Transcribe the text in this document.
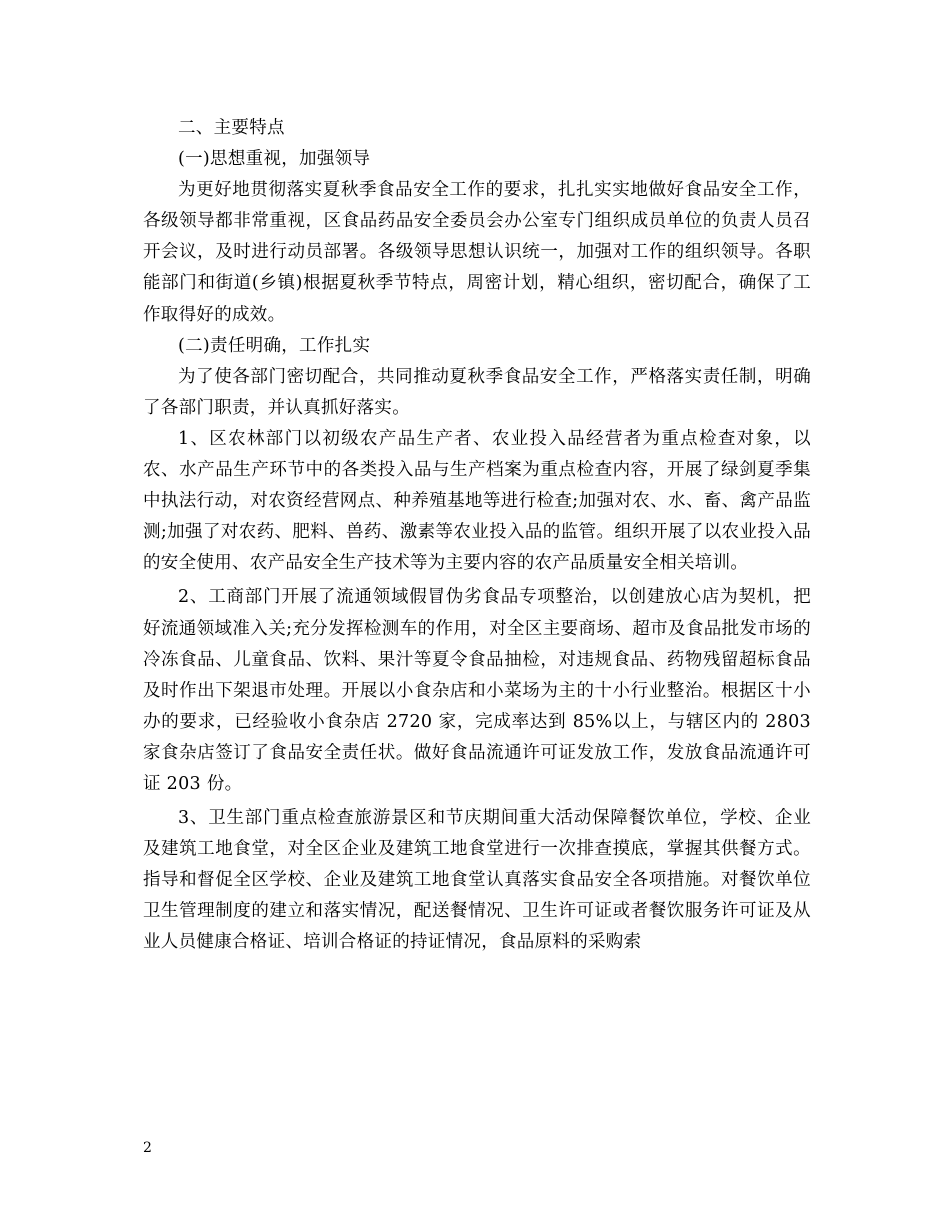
二、主要特点

(一)思想重视，加强领导

为更好地贯彻落实夏秋季食品安全工作的要求，扎扎实实地做好食品安全工作，各级领导都非常重视，区食品药品安全委员会办公室专门组织成员单位的负责人员召开会议，及时进行动员部署。各级领导思想认识统一，加强对工作的组织领导。各职能部门和街道(乡镇)根据夏秋季节特点，周密计划，精心组织，密切配合，确保了工作取得好的成效。

(二)责任明确，工作扎实

为了使各部门密切配合，共同推动夏秋季食品安全工作，严格落实责任制，明确了各部门职责，并认真抓好落实。

1、区农林部门以初级农产品生产者、农业投入品经营者为重点检查对象，以农、水产品生产环节中的各类投入品与生产档案为重点检查内容，开展了绿剑夏季集中执法行动，对农资经营网点、种养殖基地等进行检查;加强对农、水、畜、禽产品监测;加强了对农药、肥料、兽药、激素等农业投入品的监管。组织开展了以农业投入品的安全使用、农产品安全生产技术等为主要内容的农产品质量安全相关培训。

2、工商部门开展了流通领域假冒伪劣食品专项整治，以创建放心店为契机，把好流通领域准入关;充分发挥检测车的作用，对全区主要商场、超市及食品批发市场的冷冻食品、儿童食品、饮料、果汁等夏令食品抽检，对违规食品、药物残留超标食品及时作出下架退市处理。开展以小食杂店和小菜场为主的十小行业整治。根据区十小办的要求，已经验收小食杂店 2720 家，完成率达到 85%以上，与辖区内的 2803 家食杂店签订了食品安全责任状。做好食品流通许可证发放工作，发放食品流通许可证 203 份。

3、卫生部门重点检查旅游景区和节庆期间重大活动保障餐饮单位，学校、企业及建筑工地食堂，对全区企业及建筑工地食堂进行一次排查摸底，掌握其供餐方式。指导和督促全区学校、企业及建筑工地食堂认真落实食品安全各项措施。对餐饮单位卫生管理制度的建立和落实情况，配送餐情况、卫生许可证或者餐饮服务许可证及从业人员健康合格证、培训合格证的持证情况，食品原料的采购索

2
